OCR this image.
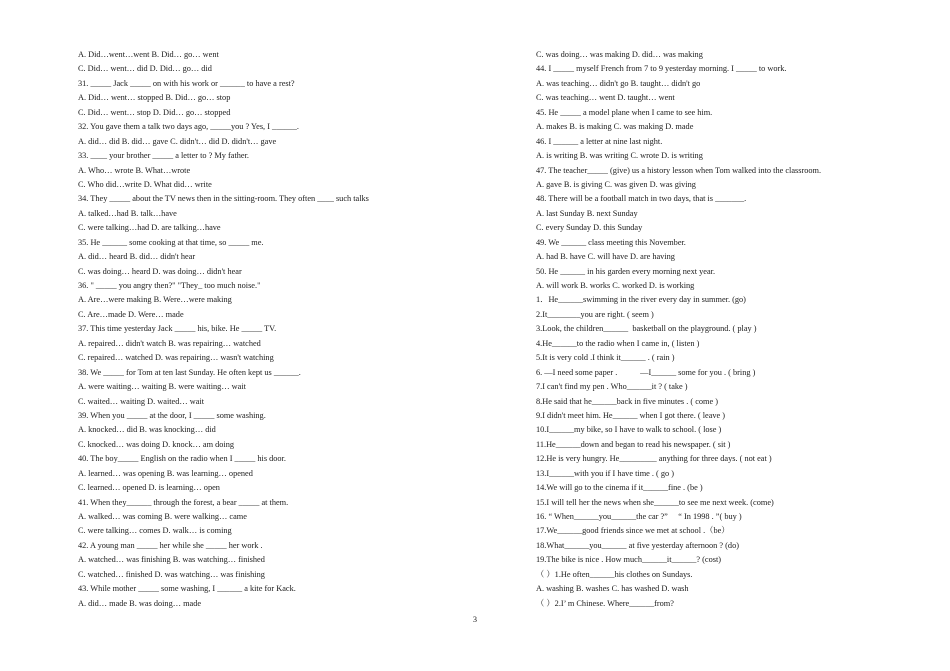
A. Did…went…went B. Did… go… went
C. Did… went… did D. Did… go… did
31. _____ Jack _____ on with his work or ______ to have a rest?
A. Did… went… stopped B. Did… go… stop
C. Did… went… stop D. Did… go… stopped
32. You gave them a talk two days ago, _____you ? Yes, I ______.
A. did… did B. did… gave C. didn't… did D. didn't… gave
33. ____ your brother _____ a letter to ? My father.
A. Who… wrote B. What…wrote
C. Who did…write D. What did… write
34. They _____ about the TV news then in the sitting-room. They often ____ such talks
A. talked…had B. talk…have
C. were talking…had D. are talking…have
35. He ______ some cooking at that time, so _____ me.
A. did… heard B. did… didn't hear
C. was doing… heard D. was doing… didn't hear
36. " _____ you angry then?" "They_ too much noise."
A. Are…were making B. Were…were making
C. Are…made D. Were… made
37. This time yesterday Jack _____ his, bike. He _____ TV.
A. repaired… didn't watch B. was repairing… watched
C. repaired… watched D. was repairing… wasn't watching
38. We _____ for Tom at ten last Sunday. He often kept us ______.
A. were waiting… waiting B. were waiting… wait
C. waited… waiting D. waited… wait
39. When you _____ at the door, I _____ some washing.
A. knocked… did B. was knocking… did
C. knocked… was doing D. knock… am doing
40. The boy_____ English on the radio when I _____ his door.
A. learned… was opening B. was learning… opened
C. learned… opened D. is learning… open
41. When they______ through the forest, a bear _____ at them.
A. walked… was coming B. were walking… came
C. were talking… comes D. walk… is coming
42. A young man _____ her while she _____ her work .
A. watched… was finishing B. was watching… finished
C. watched… finished D. was watching… was finishing
43. While mother _____ some washing, I ______ a kite for Kack.
A. did… made B. was doing… made
C. was doing… was making D. did… was making
44. I _____ myself French from 7 to 9 yesterday morning. I _____ to work.
A. was teaching… didn't go B. taught… didn't go
C. was teaching… went D. taught… went
45. He _____ a model plane when I came to see him.
A. makes B. is making C. was making D. made
46. I ______ a letter at nine last night.
A. is writing B. was writing C. wrote D. is writing
47. The teacher_____ (give) us a history lesson when Tom walked into the classroom.
A. gave B. is giving C. was given D. was giving
48. There will be a football match in two days, that is _______.
A. last Sunday B. next Sunday
C. every Sunday D. this Sunday
49. We ______ class meeting this November.
A. had B. have C. will have D. are having
50. He ______ in his garden every morning next year.
A. will work B. works C. worked D. is working
1．He______swimming in the river every day in summer. (go)
2.It________you are right. ( seem )
3.Look, the children______  basketball on the playground. ( play )
4.He______to the radio when I came in, ( listen )
5.It is very cold .I think it______ . ( rain )
6. —I need some paper .           —I______ some for you . ( bring )
7.I can't find my pen . Who______it ? ( take )
8.He said that he______back in five minutes . ( come )
9.I didn't meet him. He______ when I got there. ( leave )
10.I______my bike, so I have to walk to school. ( lose )
11.He______down and began to read his newspaper. ( sit )
12.He is very hungry. He_________ anything for three days. ( not eat )
13.I______with you if I have time . ( go )
14.We will go to the cinema if it______fine . (be )
15.I will tell her the news when she______to see me next week. (come)
16. “ When______you______the car ?”     “ In 1998 . ”( buy )
17.We______good friends since we met at school .（be）
18.What______you______ at five yesterday afternoon ? (do)
19.The bike is nice . How much______it______? (cost)
（ ）1.He often______his clothes on Sundays.
A. washing B. washes C. has washed D. wash
（ ）2.I’ m Chinese. Where______from?
3
